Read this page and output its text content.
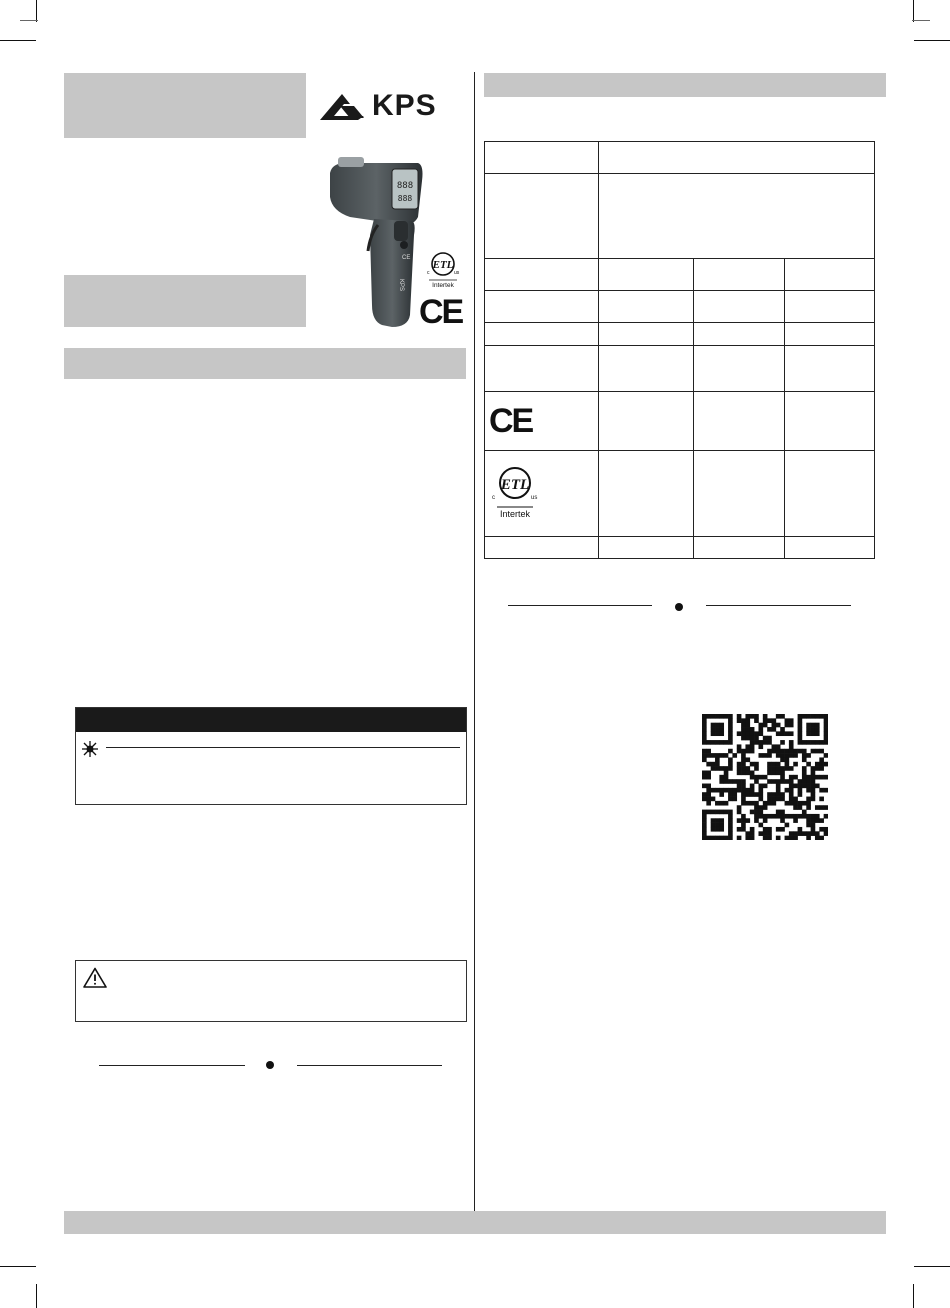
KPS
888
888
KPS
CE
ETL
c	us
Intertek
CE

CE			

ETL
c us
Intertek			
